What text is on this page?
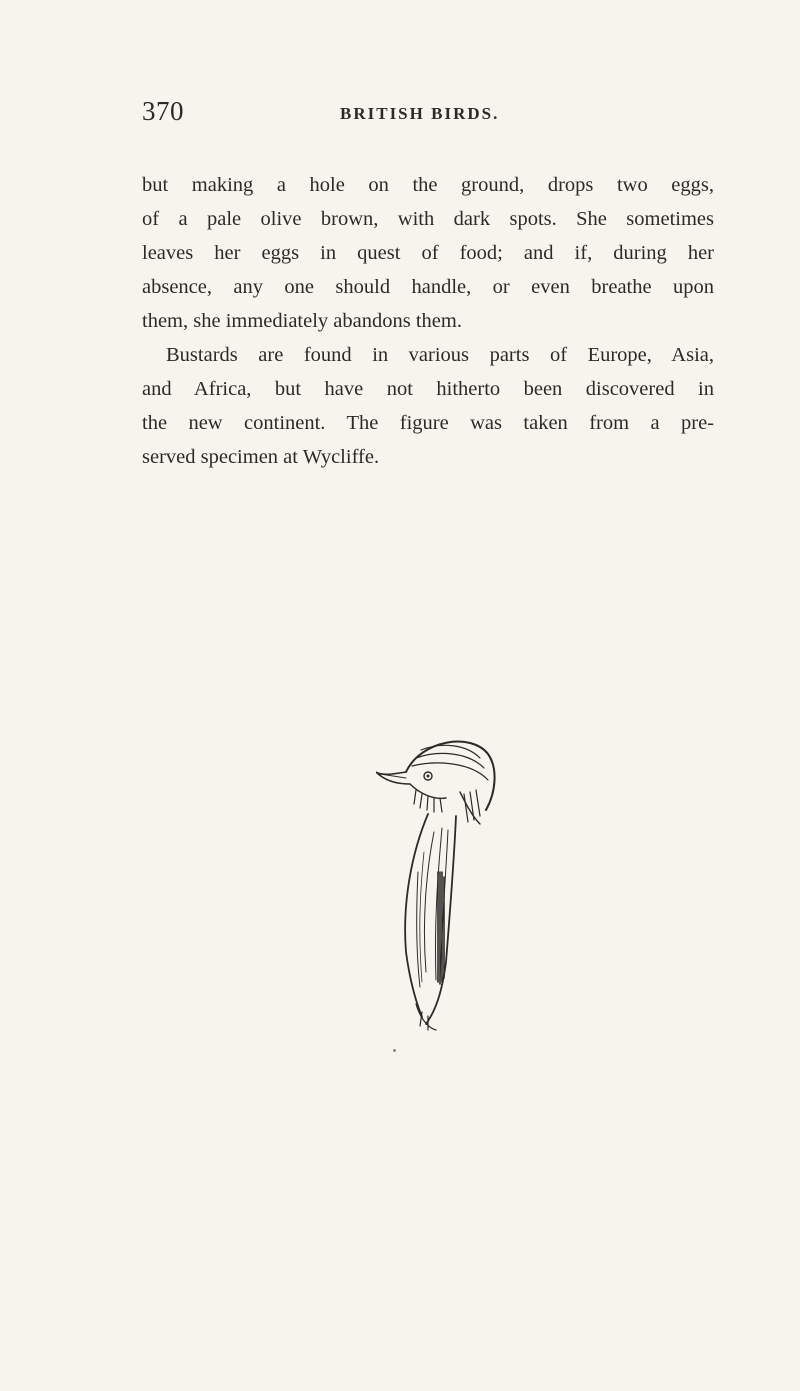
370	BRITISH BIRDS.
but making a hole on the ground, drops two eggs,
of a pale olive brown, with dark spots. She sometimes
leaves her eggs in quest of food; and if, during her
absence, any one should handle, or even breathe upon
them, she immediately abandons them.
Bustards are found in various parts of Europe, Asia,
and Africa, but have not hitherto been discovered in
the new continent. The figure was taken from a pre-
served specimen at Wycliffe.
